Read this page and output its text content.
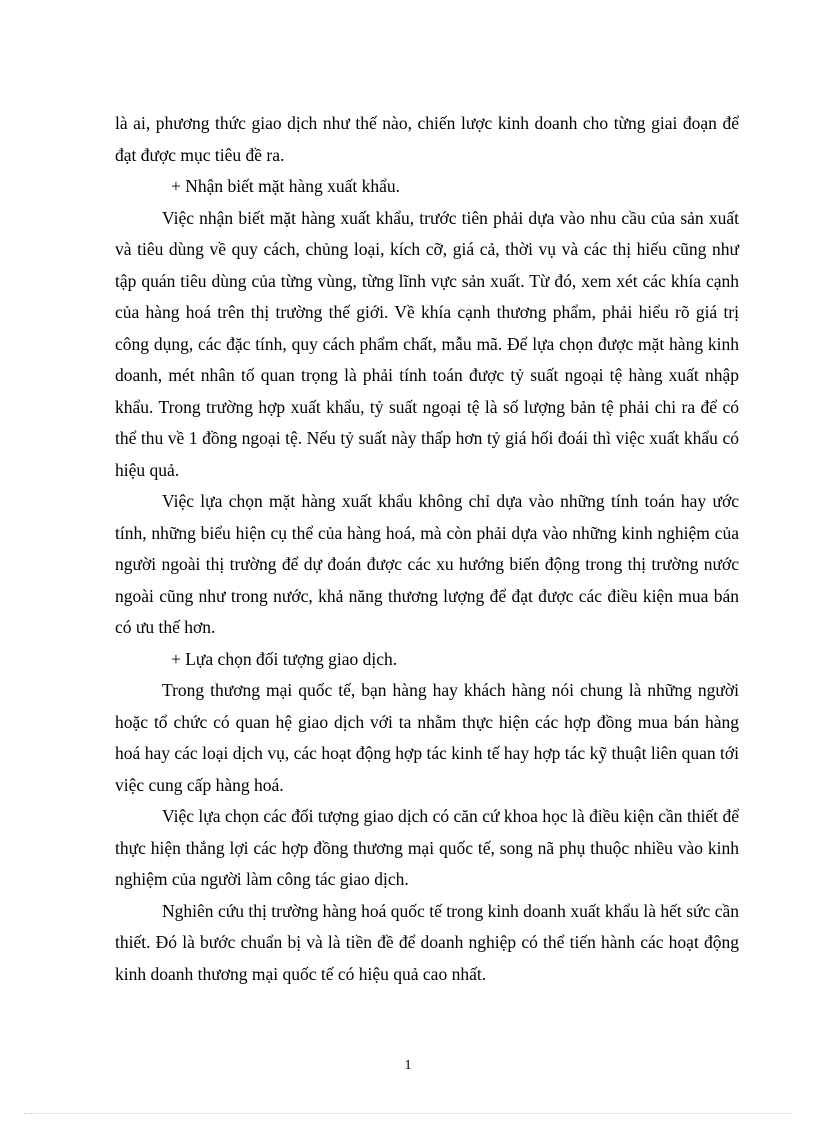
là ai, phương thức giao dịch như thế nào, chiến lược kinh doanh cho từng giai đoạn để đạt được mục tiêu đề ra.

+ Nhận biết mặt hàng xuất khẩu.

Việc nhận biết mặt hàng xuất khẩu, trước tiên phải dựa vào nhu cầu của sản xuất và tiêu dùng về quy cách, chủng loại, kích cỡ, giá cả, thời vụ và các thị hiếu cũng như tập quán tiêu dùng của từng vùng, từng lĩnh vực sản xuất. Từ đó, xem xét các khía cạnh của hàng hoá trên thị trường thế giới. Về khía cạnh thương phẩm, phải hiểu rõ giá trị công dụng, các đặc tính, quy cách phẩm chất, mẫu mã. Để lựa chọn được mặt hàng kinh doanh, mét nhân tố quan trọng là phải tính toán được tỷ suất ngoại tệ hàng xuất nhập khẩu. Trong trường hợp xuất khẩu, tỷ suất ngoại tệ là số lượng bản tệ phải chi ra để có thể thu về 1 đồng ngoại tệ. Nếu tỷ suất này thấp hơn tỷ giá hối đoái thì việc xuất khẩu có hiệu quả.

Việc lựa chọn mặt hàng xuất khẩu không chỉ dựa vào những tính toán hay ước tính, những biểu hiện cụ thể của hàng hoá, mà còn phải dựa vào những kinh nghiệm của người ngoài thị trường để dự đoán được các xu hướng biến động trong thị trường nước ngoài cũng như trong nước, khả năng thương lượng để đạt được các điều kiện mua bán có ưu thế hơn.

+ Lựa chọn đối tượng giao dịch.

Trong thương mại quốc tế, bạn hàng hay khách hàng nói chung là những người hoặc tổ chức có quan hệ giao dịch với ta nhằm thực hiện các hợp đồng mua bán hàng hoá hay các loại dịch vụ, các hoạt động hợp tác kinh tế hay hợp tác kỹ thuật liên quan tới việc cung cấp hàng hoá.

Việc lựa chọn các đối tượng giao dịch có căn cứ khoa học là điều kiện cần thiết để thực hiện thắng lợi các hợp đồng thương mại quốc tế, song nã phụ thuộc nhiều vào kinh nghiệm của người làm công tác giao dịch.

Nghiên cứu thị trường hàng hoá quốc tế trong kinh doanh xuất khẩu là hết sức cần thiết. Đó là bước chuẩn bị và là tiền đề để doanh nghiệp có thể tiến hành các hoạt động kinh doanh thương mại quốc tế có hiệu quả cao nhất.

1
